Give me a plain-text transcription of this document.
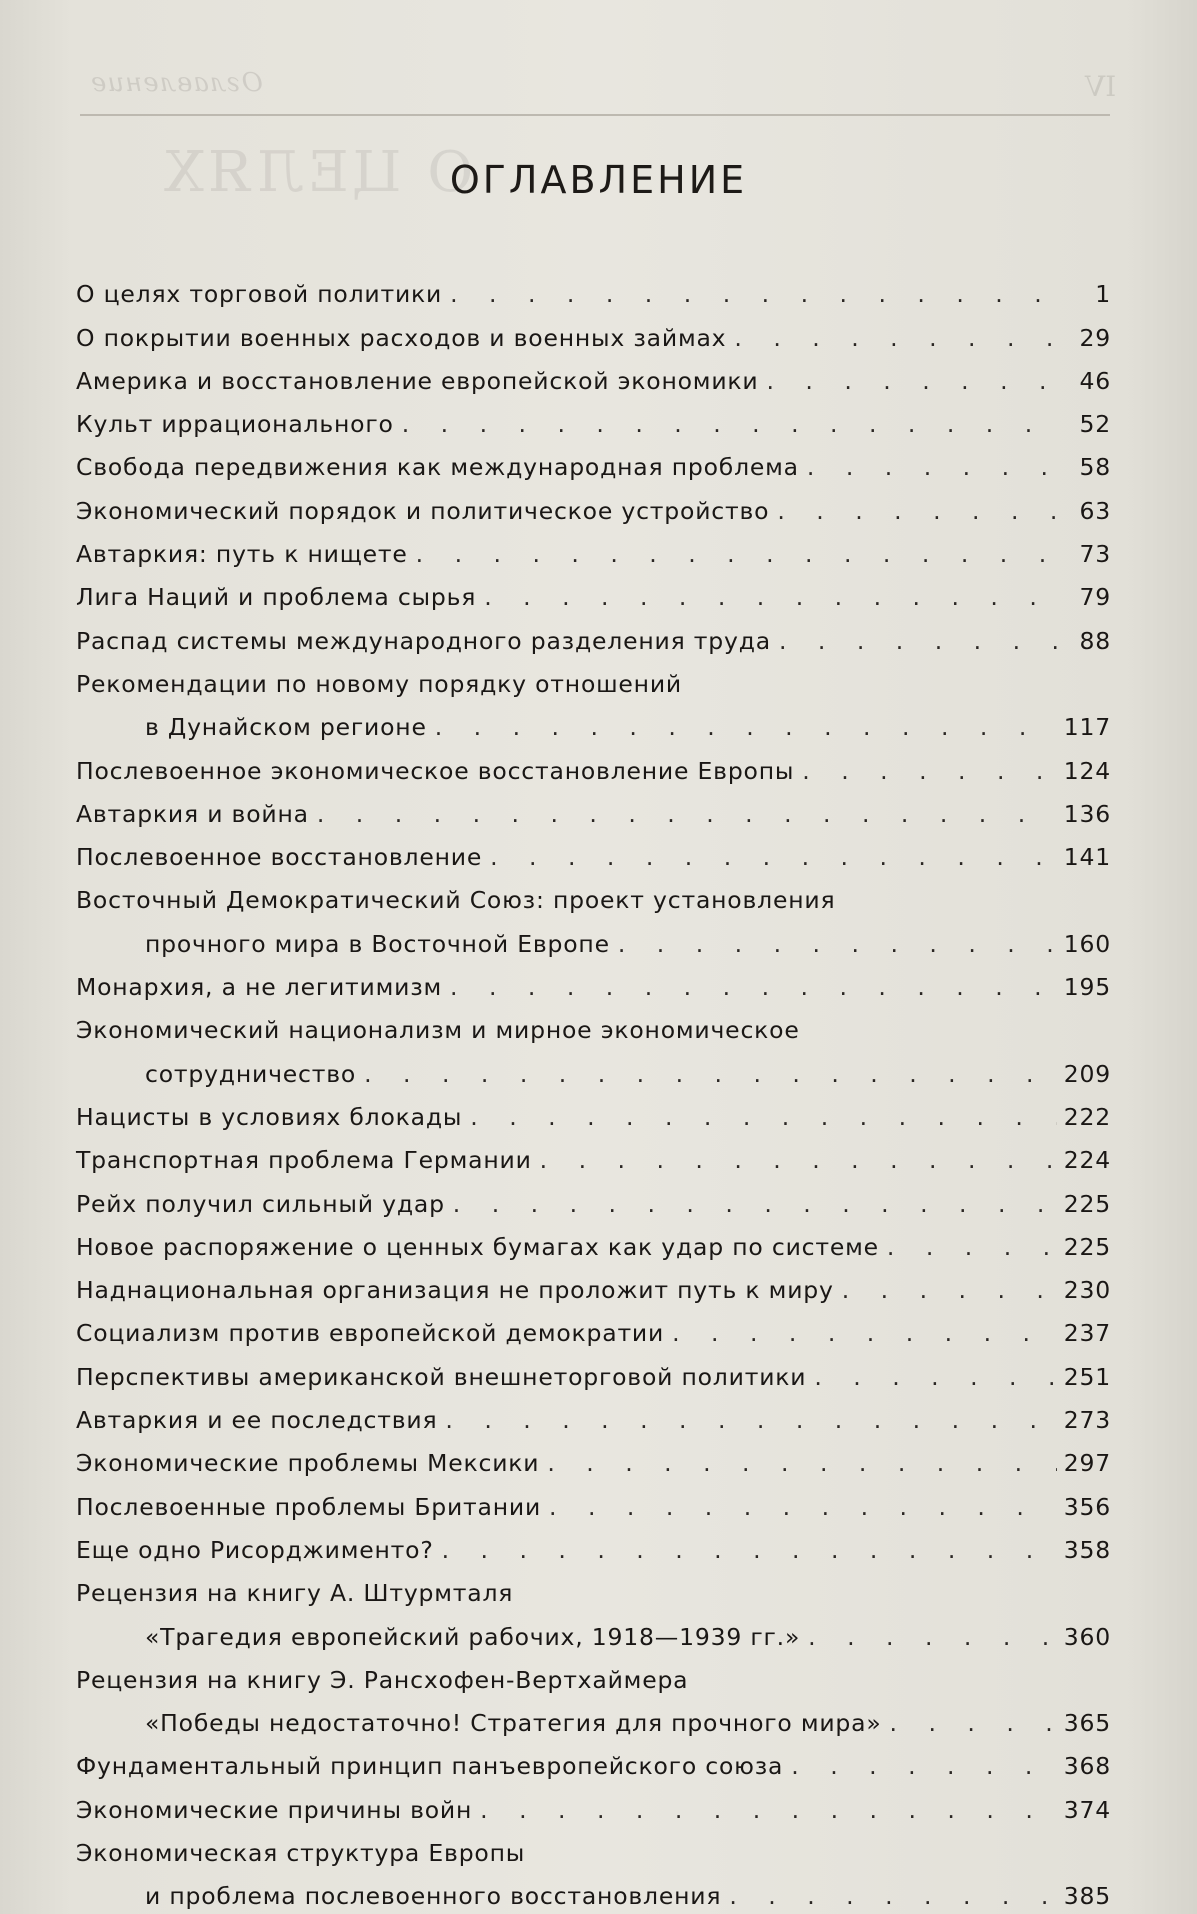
Оглавление	IV
О ЦЕЛЯХ
ОГЛАВЛЕНИЕ
О целях торговой политики . . .	1
О покрытии военных расходов и военных займах . . .	29
Америка и восстановление европейской экономики . . .	46
Культ иррационального . . .	52
Свобода передвижения как международная проблема . . .	58
Экономический порядок и политическое устройство . . .	63
Автаркия: путь к нищете . . .	73
Лига Наций и проблема сырья . . .	79
Распад системы международного разделения труда . . .	88
Рекомендации по новому порядку отношений
в Дунайском регионе . . .	117
Послевоенное экономическое восстановление Европы . . .	124
Автаркия и война . . .	136
Послевоенное восстановление . . .	141
Восточный Демократический Союз: проект установления
прочного мира в Восточной Европе . . .	160
Монархия, а не легитимизм . . .	195
Экономический национализм и мирное экономическое
сотрудничество . . .	209
Нацисты в условиях блокады . . .	222
Транспортная проблема Германии . . .	224
Рейх получил сильный удар . . .	225
Новое распоряжение о ценных бумагах как удар по системе . . .	225
Наднациональная организация не проложит путь к миру . . .	230
Социализм против европейской демократии . . .	237
Перспективы американской внешнеторговой политики . . .	251
Автаркия и ее последствия . . .	273
Экономические проблемы Мексики . . .	297
Послевоенные проблемы Британии . . .	356
Еще одно Рисорджименто? . . .	358
Рецензия на книгу А. Штурмталя
«Трагедия европейский рабочих, 1918—1939 гг.» . . .	360
Рецензия на книгу Э. Рансхофен-Вертхаймера
«Победы недостаточно! Стратегия для прочного мира» . . .	365
Фундаментальный принцип панъевропейского союза . . .	368
Экономические причины войн . . .	374
Экономическая структура Европы
и проблема послевоенного восстановления . . .	385
